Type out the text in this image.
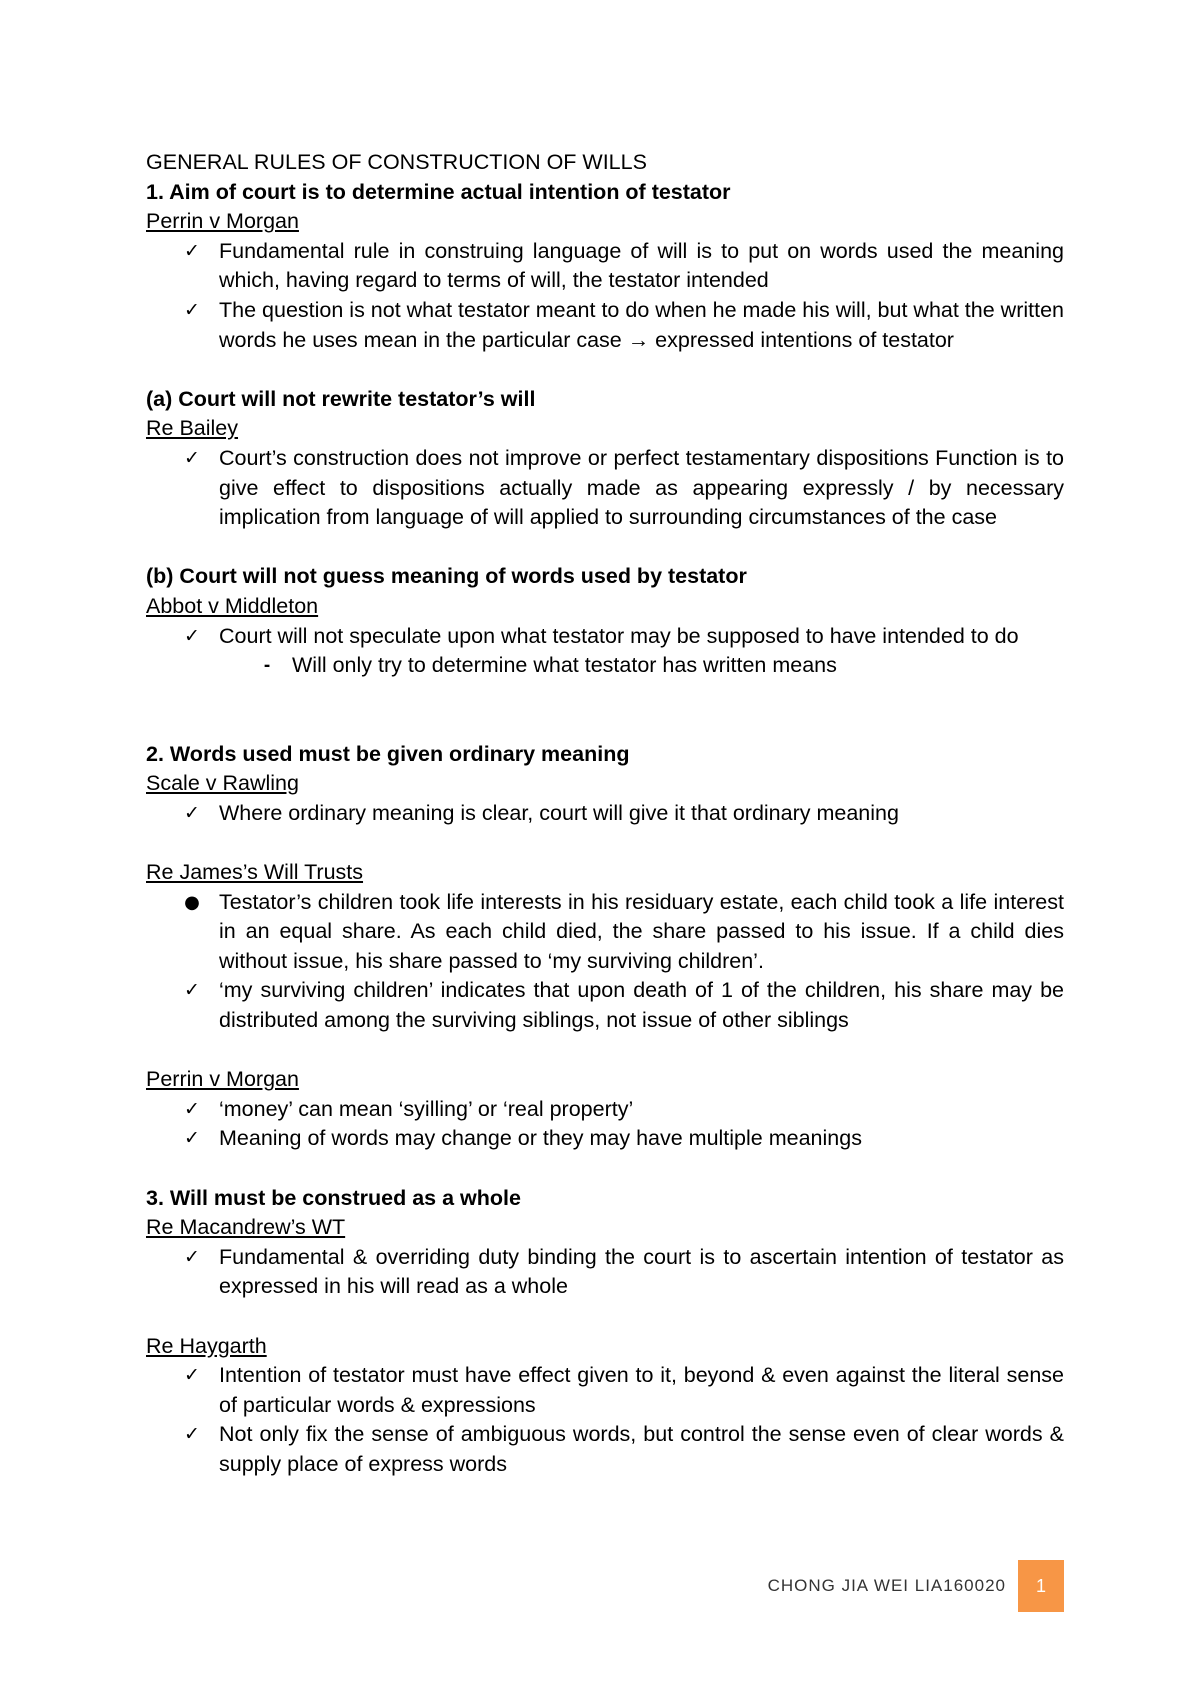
GENERAL RULES OF CONSTRUCTION OF WILLS
1. Aim of court is to determine actual intention of testator
Perrin v Morgan
✓ Fundamental rule in construing language of will is to put on words used the meaning which, having regard to terms of will, the testator intended
✓ The question is not what testator meant to do when he made his will, but what the written words he uses mean in the particular case → expressed intentions of testator
(a) Court will not rewrite testator’s will
Re Bailey
✓ Court’s construction does not improve or perfect testamentary dispositions Function is to give effect to dispositions actually made as appearing expressly / by necessary implication from language of will applied to surrounding circumstances of the case
(b) Court will not guess meaning of words used by testator
Abbot v Middleton
✓ Court will not speculate upon what testator may be supposed to have intended to do
-	Will only try to determine what testator has written means
2. Words used must be given ordinary meaning
Scale v Rawling
✓ Where ordinary meaning is clear, court will give it that ordinary meaning
Re James’s Will Trusts
● Testator’s children took life interests in his residuary estate, each child took a life interest in an equal share. As each child died, the share passed to his issue. If a child dies without issue, his share passed to ‘my surviving children’.
✓ ‘my surviving children’ indicates that upon death of 1 of the children, his share may be distributed among the surviving siblings, not issue of other siblings
Perrin v Morgan
✓ ‘money’ can mean ‘syilling’ or ‘real property’
✓ Meaning of words may change or they may have multiple meanings
3. Will must be construed as a whole
Re Macandrew’s WT
✓ Fundamental & overriding duty binding the court is to ascertain intention of testator as expressed in his will read as a whole
Re Haygarth
✓ Intention of testator must have effect given to it, beyond & even against the literal sense of particular words & expressions
✓ Not only fix the sense of ambiguous words, but control the sense even of clear words & supply place of express words
CHONG JIA WEI LIA160020 1
